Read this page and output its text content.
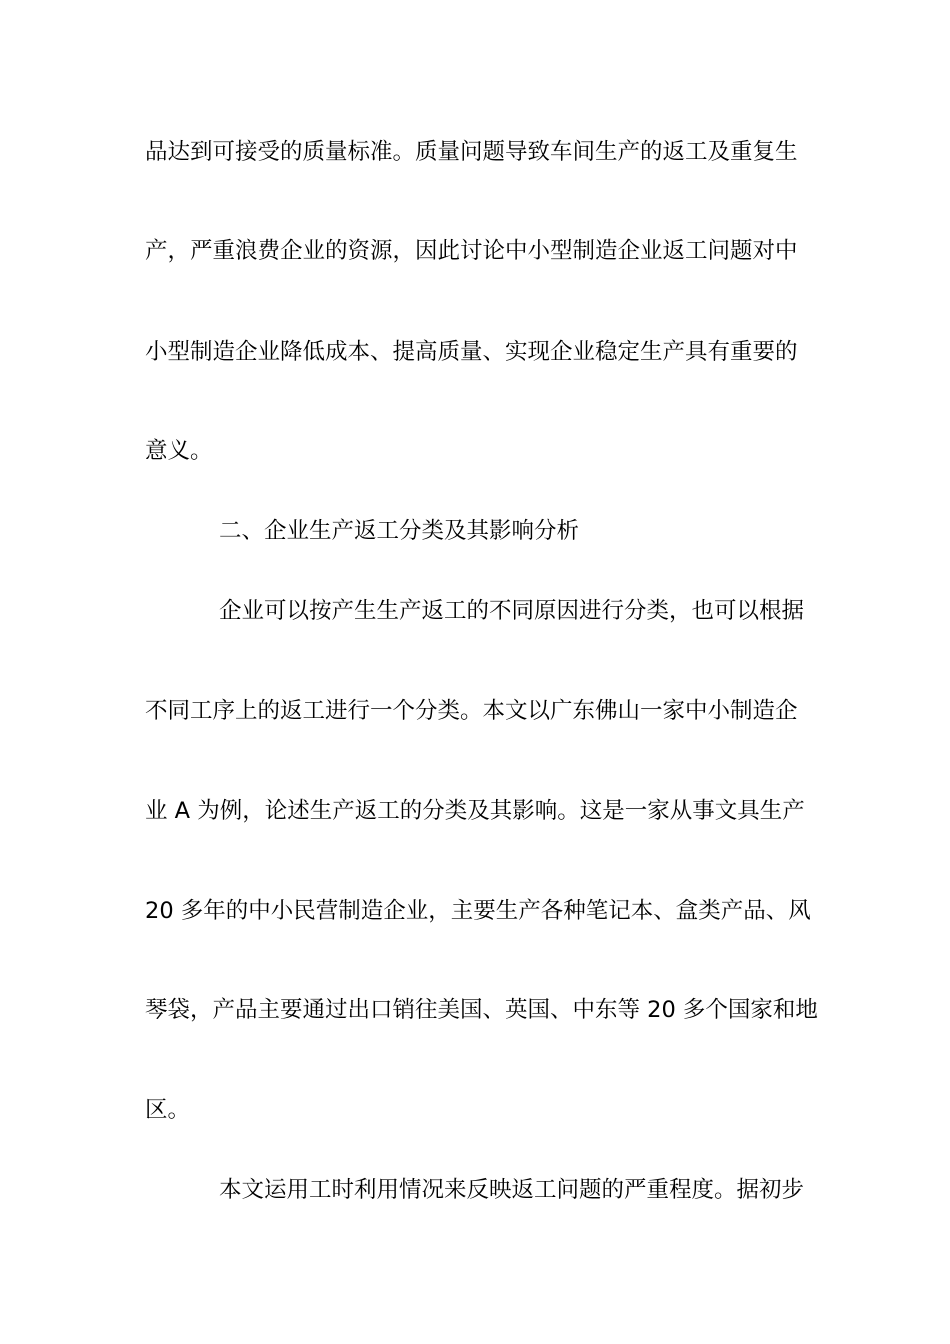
品达到可接受的质量标准。质量问题导致车间生产的返工及重复生
产，严重浪费企业的资源，因此讨论中小型制造企业返工问题对中
小型制造企业降低成本、提高质量、实现企业稳定生产具有重要的
意义。
二、企业生产返工分类及其影响分析
企业可以按产生生产返工的不同原因进行分类，也可以根据
不同工序上的返工进行一个分类。本文以广东佛山一家中小制造企
业 A 为例，论述生产返工的分类及其影响。这是一家从事文具生产
20 多年的中小民营制造企业，主要生产各种笔记本、盒类产品、风
琴袋，产品主要通过出口销往美国、英国、中东等 20 多个国家和地
区。
本文运用工时利用情况来反映返工问题的严重程度。据初步
